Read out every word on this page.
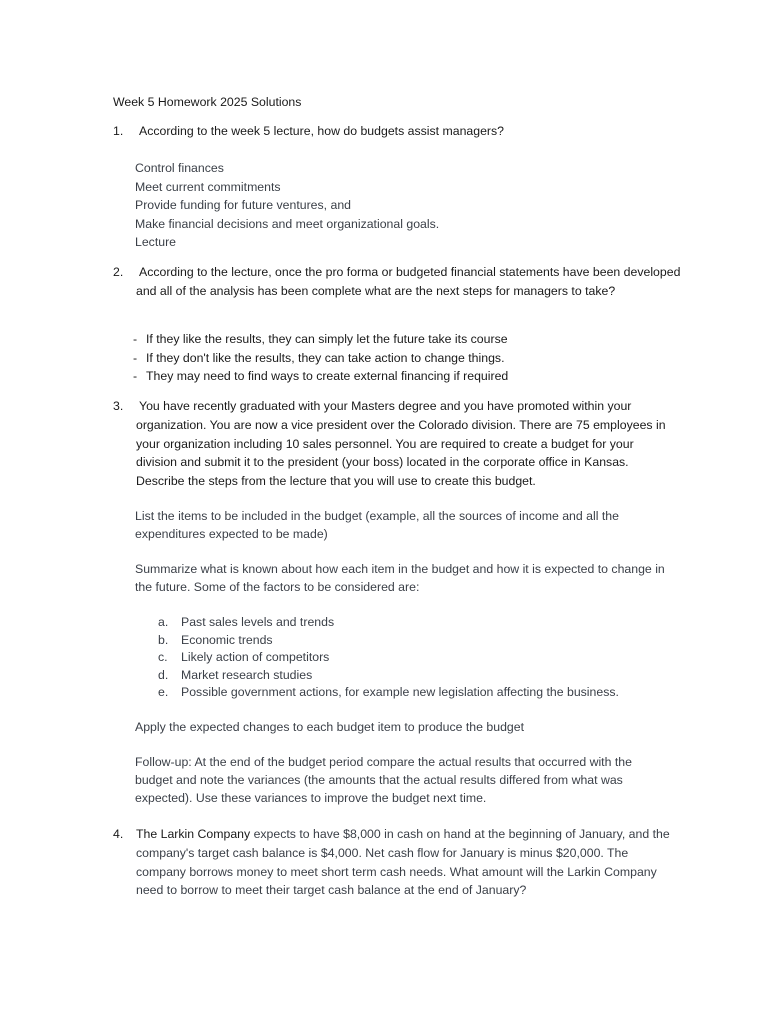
Week 5 Homework 2025 Solutions
1. According to the week 5 lecture, how do budgets assist managers?
Control finances
Meet current commitments
Provide funding for future ventures, and
Make financial decisions and meet organizational goals.
Lecture
2. According to the lecture, once the pro forma or budgeted financial statements have been developed and all of the analysis has been complete what are the next steps for managers to take?
- If they like the results, they can simply let the future take its course
- If they don't like the results, they can take action to change things.
- They may need to find ways to create external financing if required
3. You have recently graduated with your Masters degree and you have promoted within your organization. You are now a vice president over the Colorado division. There are 75 employees in your organization including 10 sales personnel. You are required to create a budget for your division and submit it to the president (your boss) located in the corporate office in Kansas. Describe the steps from the lecture that you will use to create this budget.
List the items to be included in the budget (example, all the sources of income and all the expenditures expected to be made)
Summarize what is known about how each item in the budget and how it is expected to change in the future. Some of the factors to be considered are:
a. Past sales levels and trends
b. Economic trends
c. Likely action of competitors
d. Market research studies
e. Possible government actions, for example new legislation affecting the business.
Apply the expected changes to each budget item to produce the budget
Follow-up: At the end of the budget period compare the actual results that occurred with the budget and note the variances (the amounts that the actual results differed from what was expected). Use these variances to improve the budget next time.
4. The Larkin Company expects to have $8,000 in cash on hand at the beginning of January, and the company's target cash balance is $4,000. Net cash flow for January is minus $20,000. The company borrows money to meet short term cash needs. What amount will the Larkin Company need to borrow to meet their target cash balance at the end of January?
